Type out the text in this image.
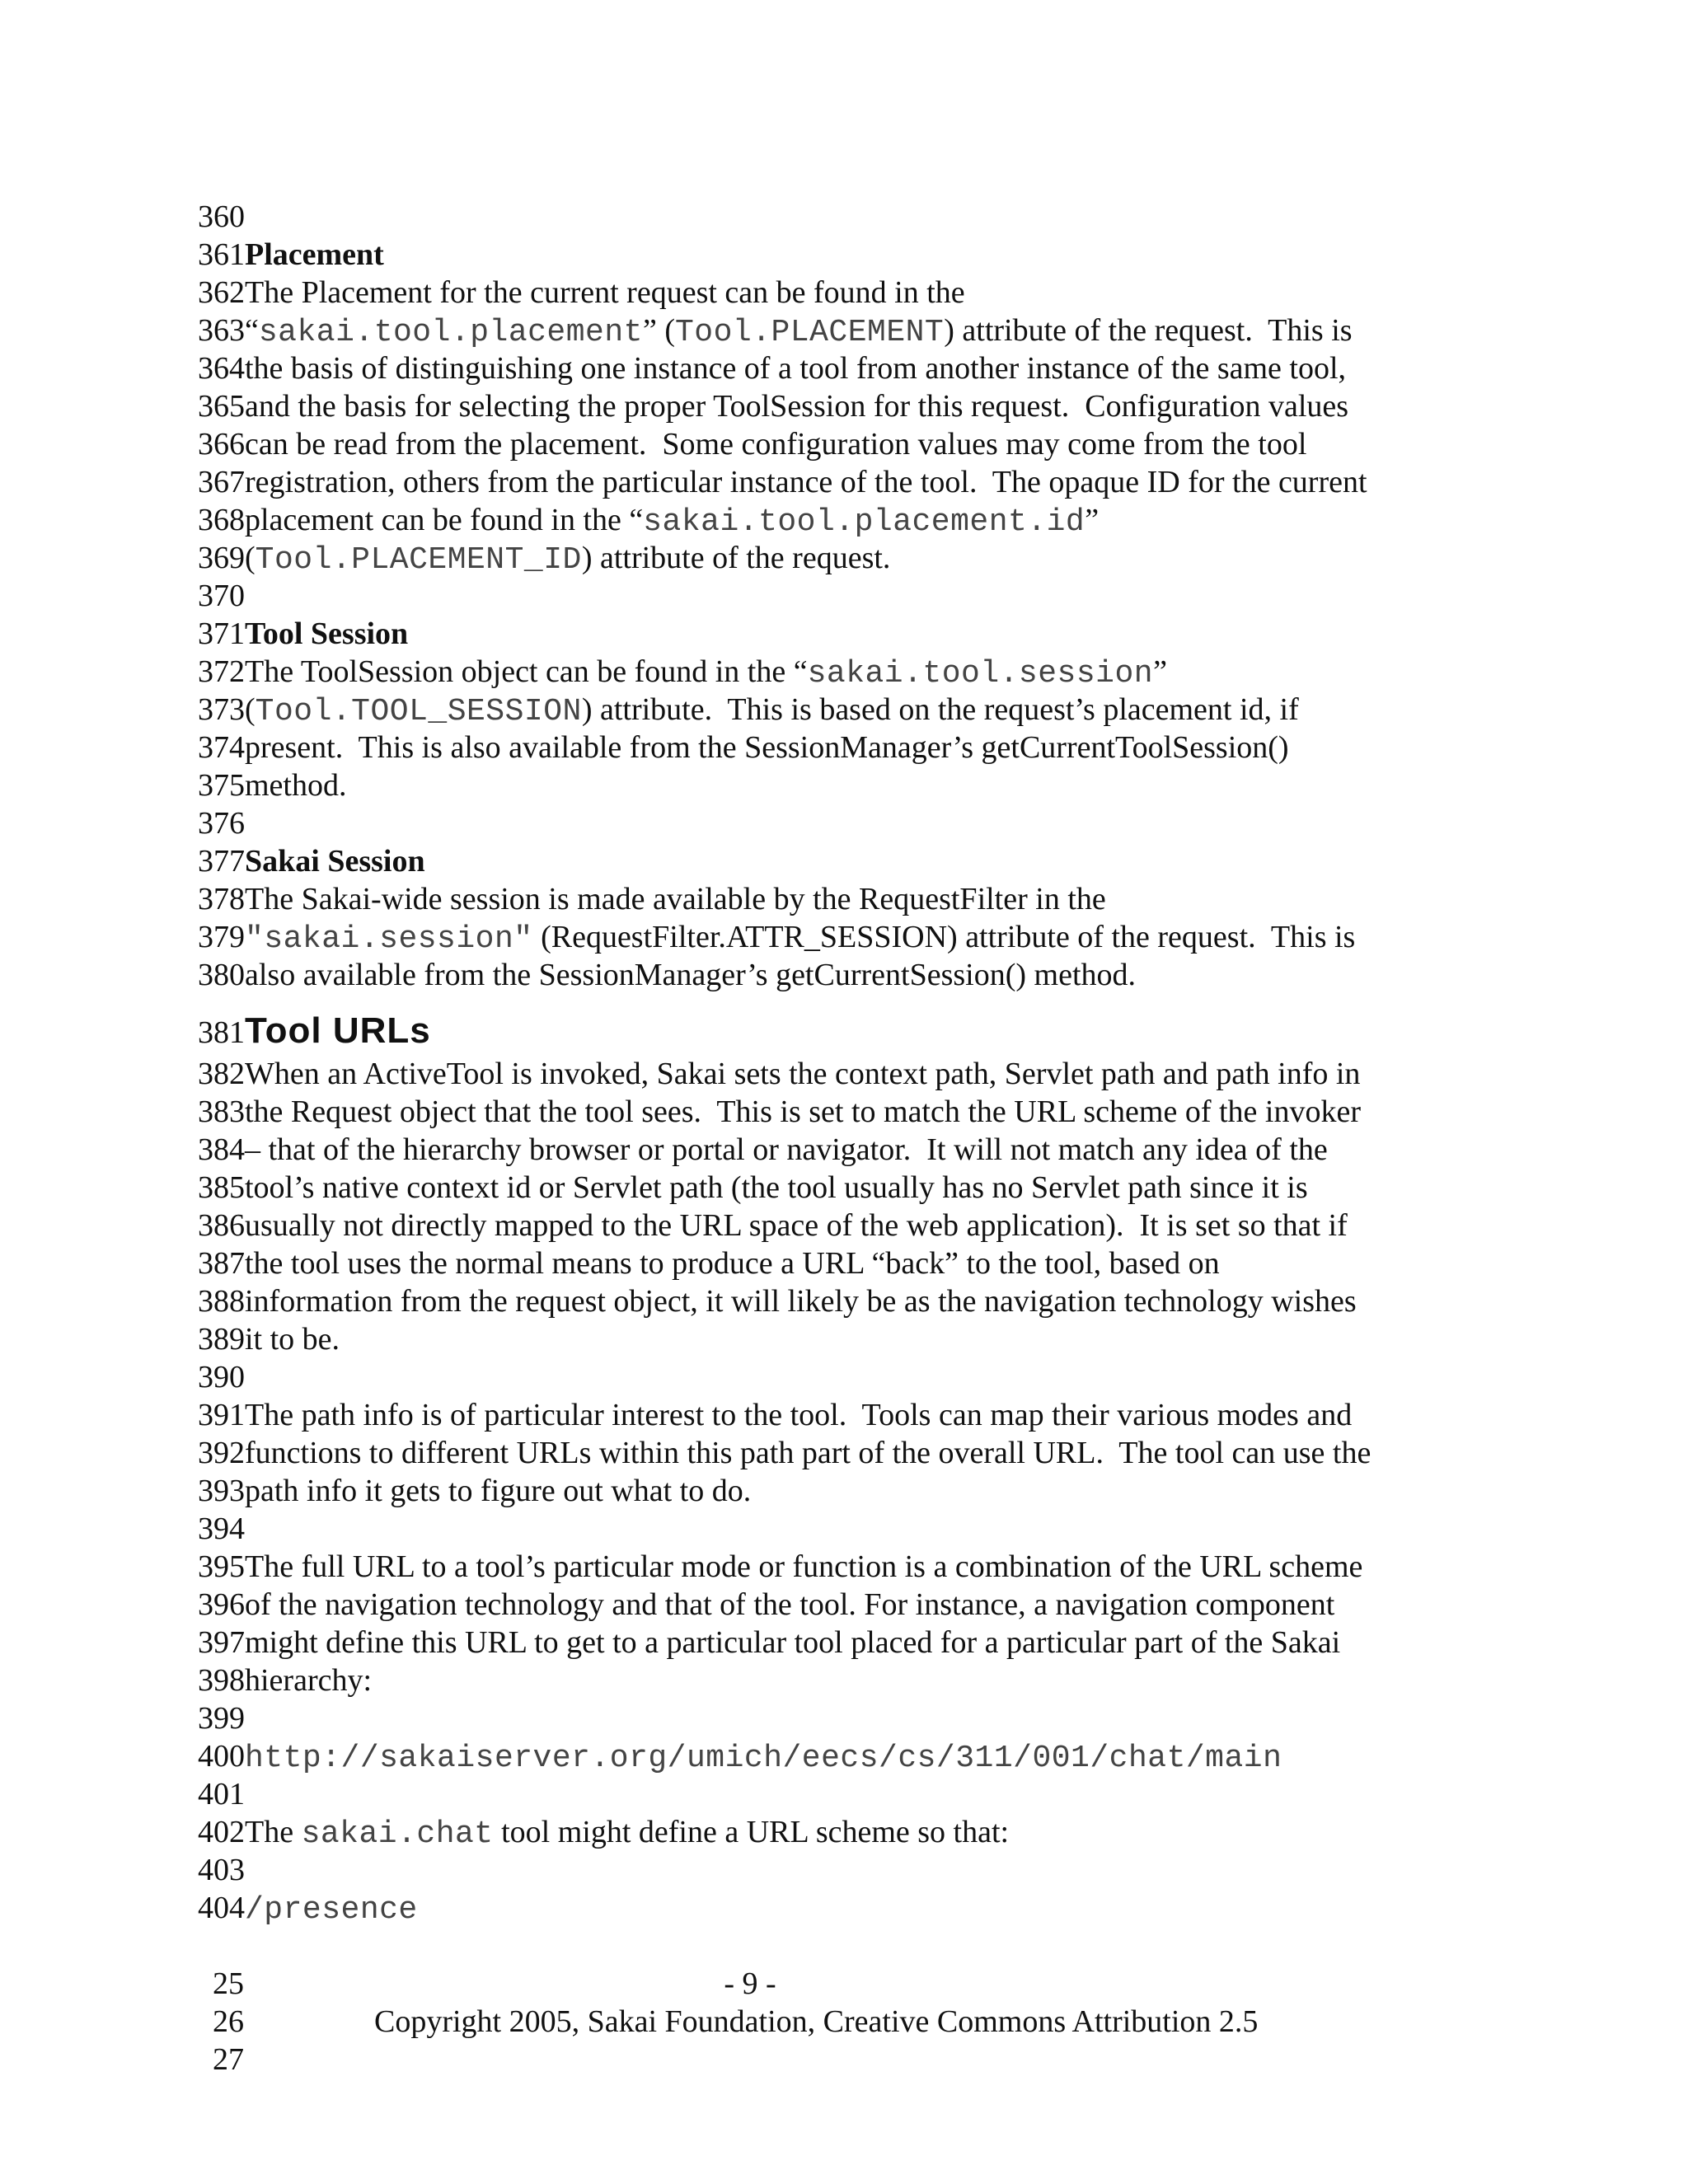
360
361Placement
362The Placement for the current request can be found in the
363“sakai.tool.placement” (Tool.PLACEMENT) attribute of the request.  This is
364the basis of distinguishing one instance of a tool from another instance of the same tool,
365and the basis for selecting the proper ToolSession for this request.  Configuration values
366can be read from the placement.  Some configuration values may come from the tool
367registration, others from the particular instance of the tool.  The opaque ID for the current
368placement can be found in the “sakai.tool.placement.id”
369(Tool.PLACEMENT_ID) attribute of the request.
370
371Tool Session
372The ToolSession object can be found in the “sakai.tool.session”
373(Tool.TOOL_SESSION) attribute.  This is based on the request’s placement id, if
374present.  This is also available from the SessionManager’s getCurrentToolSession()
375method.
376
377Sakai Session
378The Sakai-wide session is made available by the RequestFilter in the
379"sakai.session" (RequestFilter.ATTR_SESSION) attribute of the request.  This is
380also available from the SessionManager’s getCurrentSession() method.
381Tool URLs
382When an ActiveTool is invoked, Sakai sets the context path, Servlet path and path info in
383the Request object that the tool sees.  This is set to match the URL scheme of the invoker
384– that of the hierarchy browser or portal or navigator.  It will not match any idea of the
385tool’s native context id or Servlet path (the tool usually has no Servlet path since it is
386usually not directly mapped to the URL space of the web application).  It is set so that if
387the tool uses the normal means to produce a URL “back” to the tool, based on
388information from the request object, it will likely be as the navigation technology wishes
389it to be.
390
391The path info is of particular interest to the tool.  Tools can map their various modes and
392functions to different URLs within this path part of the overall URL.  The tool can use the
393path info it gets to figure out what to do.
394
395The full URL to a tool’s particular mode or function is a combination of the URL scheme
396of the navigation technology and that of the tool. For instance, a navigation component
397might define this URL to get to a particular tool placed for a particular part of the Sakai
398hierarchy:
399
400http://sakaiserver.org/umich/eecs/cs/311/001/chat/main
401
402The sakai.chat tool might define a URL scheme so that:
403
404/presence
25	- 9 -
26	Copyright 2005, Sakai Foundation, Creative Commons Attribution 2.5
27
